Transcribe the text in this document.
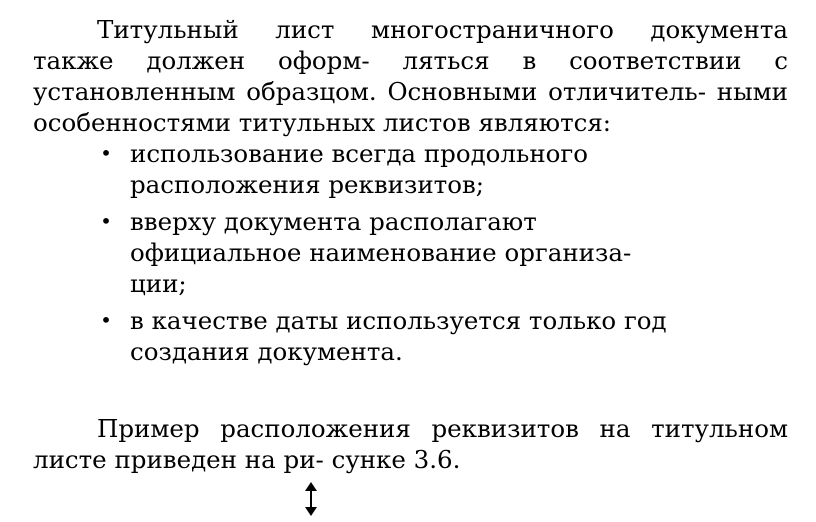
Титульный лист многостраничного документа также должен оформ- ляться в соответствии с установленным образцом. Основными отличитель- ными особенностями титульных листов являются:

• использование всегда продольного расположения реквизитов;
• вверху документа располагают официальное наименование организа-ции;
• в качестве даты используется только год создания документа.

Пример расположения реквизитов на титульном листе приведен на ри- сунке 3.6.
